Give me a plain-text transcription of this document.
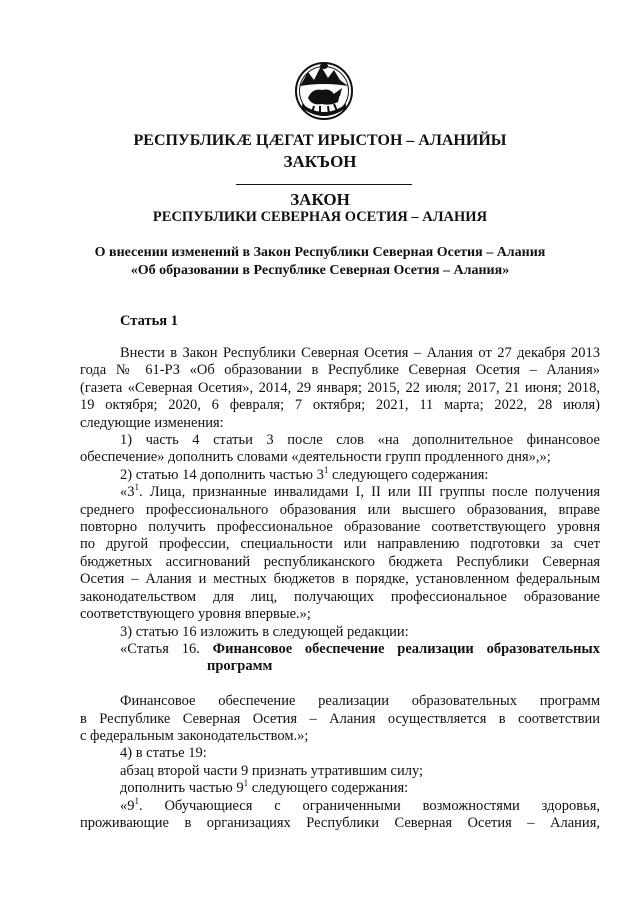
РЕСПУБЛИКÆ ЦÆГАТ ИРЫСТОН – АЛАНИЙЫ
ЗАКЪОН
ЗАКОН
РЕСПУБЛИКИ СЕВЕРНАЯ ОСЕТИЯ – АЛАНИЯ
О внесении изменений в Закон Республики Северная Осетия – Алания
«Об образовании в Республике Северная Осетия – Алания»
Статья 1
Внести в Закон Республики Северная Осетия – Алания от 27 декабря 2013
года № 61-РЗ «Об образовании в Республике Северная Осетия – Алания»
(газета «Северная Осетия», 2014, 29 января; 2015, 22 июля; 2017, 21 июня; 2018,
19 октября; 2020, 6 февраля; 7 октября; 2021, 11 марта; 2022, 28 июля)
следующие изменения:
1) часть 4 статьи 3 после слов «на дополнительное финансовое
обеспечение» дополнить словами «деятельности групп продленного дня»,»;
2) статью 14 дополнить частью $3^1$ следующего содержания:
«$3^1$. Лица, признанные инвалидами I, II или III группы после получения
среднего профессионального образования или высшего образования, вправе
повторно получить профессиональное образование соответствующего уровня
по другой профессии, специальности или направлению подготовки за счет
бюджетных ассигнований республиканского бюджета Республики Северная
Осетия – Алания и местных бюджетов в порядке, установленном федеральным
законодательством для лиц, получающих профессиональное образование
соответствующего уровня впервые.»;
3) статью 16 изложить в следующей редакции:
«Статья 16. Финансовое обеспечение реализации образовательных
программ
Финансовое обеспечение реализации образовательных программ
в Республике Северная Осетия – Алания осуществляется в соответствии
с федеральным законодательством.»;
4) в статье 19:
абзац второй части 9 признать утратившим силу;
дополнить частью $9^1$ следующего содержания:
«$9^1$. Обучающиеся с ограниченными возможностями здоровья,
проживающие в организациях Республики Северная Осетия – Алания,
